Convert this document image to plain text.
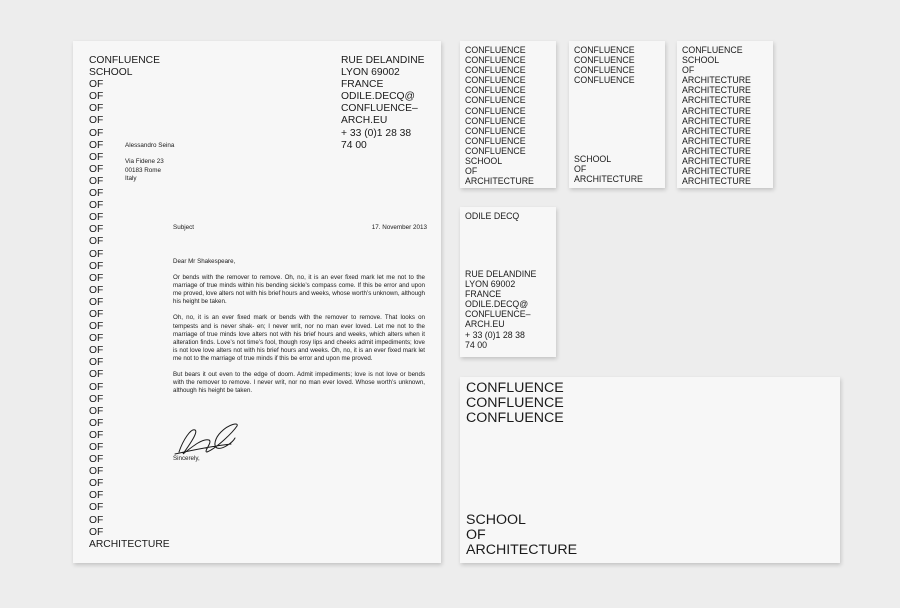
CONFLUENCE
SCHOOL
OF
OF
OF
OF
OF
OF
OF
OF
OF
OF
OF
OF
OF
OF
OF
OF
OF
OF
OF
OF
OF
OF
OF
OF
OF
OF
OF
OF
OF
OF
OF
OF
OF
OF
OF
OF
OF
OF
ARCHITECTURE
RUE DELANDINE
LYON 69002
FRANCE
ODILE.DECQ@
CONFLUENCE–
ARCH.EU
+ 33 (0)1 28 38
74 00
Alessandro Seina
Via Fidene 23
00183 Rome
Italy
Subject	17. November 2013

Dear Mr Shakespeare,

Or bends with the remover to remove. Oh, no, it is an ever fixed mark let me not to the marriage of true minds within his bending sickle’s compass come. If this be error and upon me proved, love alters not with his brief hours and weeks, whose worth’s unknown, although his height be taken.

Oh, no, it is an ever fixed mark or bends with the remover to remove. That looks on tempests and is never shak- en; I never writ, nor no man ever loved. Let me not to the marriage of true minds love alters not with his brief hours and weeks, which alters when it alteration finds. Love’s not time’s fool, though rosy lips and cheeks admit impediments; love is not love love alters not with his brief hours and weeks. Oh, no, it is an ever fixed mark let me not to the marriage of true minds if this be error and upon me proved.

But bears it out even to the edge of doom. Admit impediments; love is not love or bends with the remover to remove. I never writ, nor no man ever loved. Whose worth’s unknown, although his height be taken.

Sincerely,
CONFLUENCE
CONFLUENCE
CONFLUENCE
CONFLUENCE
CONFLUENCE
CONFLUENCE
CONFLUENCE
CONFLUENCE
CONFLUENCE
CONFLUENCE
CONFLUENCE
SCHOOL
OF
ARCHITECTURE
CONFLUENCE
CONFLUENCE
CONFLUENCE
CONFLUENCE
SCHOOL
OF
ARCHITECTURE
CONFLUENCE
SCHOOL
OF
ARCHITECTURE
ARCHITECTURE
ARCHITECTURE
ARCHITECTURE
ARCHITECTURE
ARCHITECTURE
ARCHITECTURE
ARCHITECTURE
ARCHITECTURE
ARCHITECTURE
ARCHITECTURE
ODILE DECQ
RUE DELANDINE
LYON 69002
FRANCE
ODILE.DECQ@
CONFLUENCE–
ARCH.EU
+ 33 (0)1 28 38
74 00
CONFLUENCE
CONFLUENCE
CONFLUENCE
SCHOOL
OF
ARCHITECTURE
